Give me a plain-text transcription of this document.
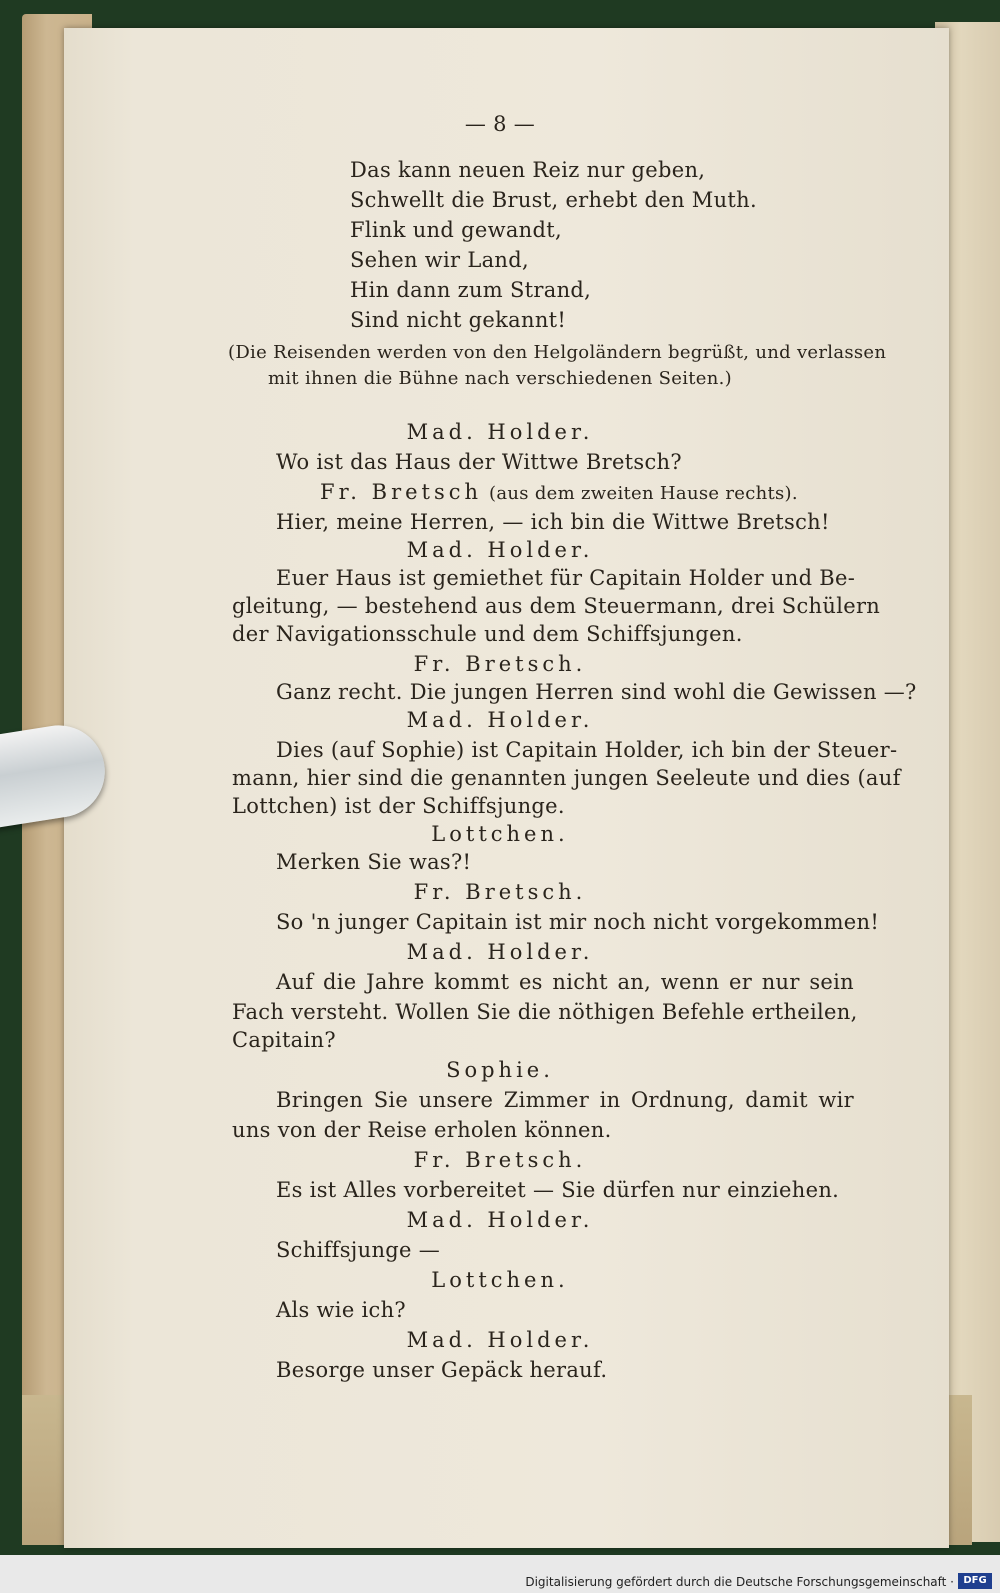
— 8 —
Das kann neuen Reiz nur geben,
Schwellt die Brust, erhebt den Muth.
Flink und gewandt,
Sehen wir Land,
Hin dann zum Strand,
Sind nicht gekannt!
(Die Reisenden werden von den Helgoländern begrüßt, und verlassen
mit ihnen die Bühne nach verschiedenen Seiten.)
Mad. Holder.
Wo ist das Haus der Wittwe Bretsch?
Fr. Bretsch (aus dem zweiten Hause rechts).
Hier, meine Herren, — ich bin die Wittwe Bretsch!
Mad. Holder.
Euer Haus ist gemiethet für Capitain Holder und Be-
gleitung, — bestehend aus dem Steuermann, drei Schülern
der Navigationsschule und dem Schiffsjungen.
Fr. Bretsch.
Ganz recht. Die jungen Herren sind wohl die Gewissen —?
Mad. Holder.
Dies (auf Sophie) ist Capitain Holder, ich bin der Steuer-
mann, hier sind die genannten jungen Seeleute und dies (auf
Lottchen) ist der Schiffsjunge.
Lottchen.
Merken Sie was?!
Fr. Bretsch.
So 'n junger Capitain ist mir noch nicht vorgekommen!
Mad. Holder.
Auf die Jahre kommt es nicht an, wenn er nur sein
Fach versteht. Wollen Sie die nöthigen Befehle ertheilen,
Capitain?
Sophie.
Bringen Sie unsere Zimmer in Ordnung, damit wir
uns von der Reise erholen können.
Fr. Bretsch.
Es ist Alles vorbereitet — Sie dürfen nur einziehen.
Mad. Holder.
Schiffsjunge —
Lottchen.
Als wie ich?
Mad. Holder.
Besorge unser Gepäck herauf.
Digitalisierung gefördert durch die Deutsche Forschungsgemeinschaft · DFG
